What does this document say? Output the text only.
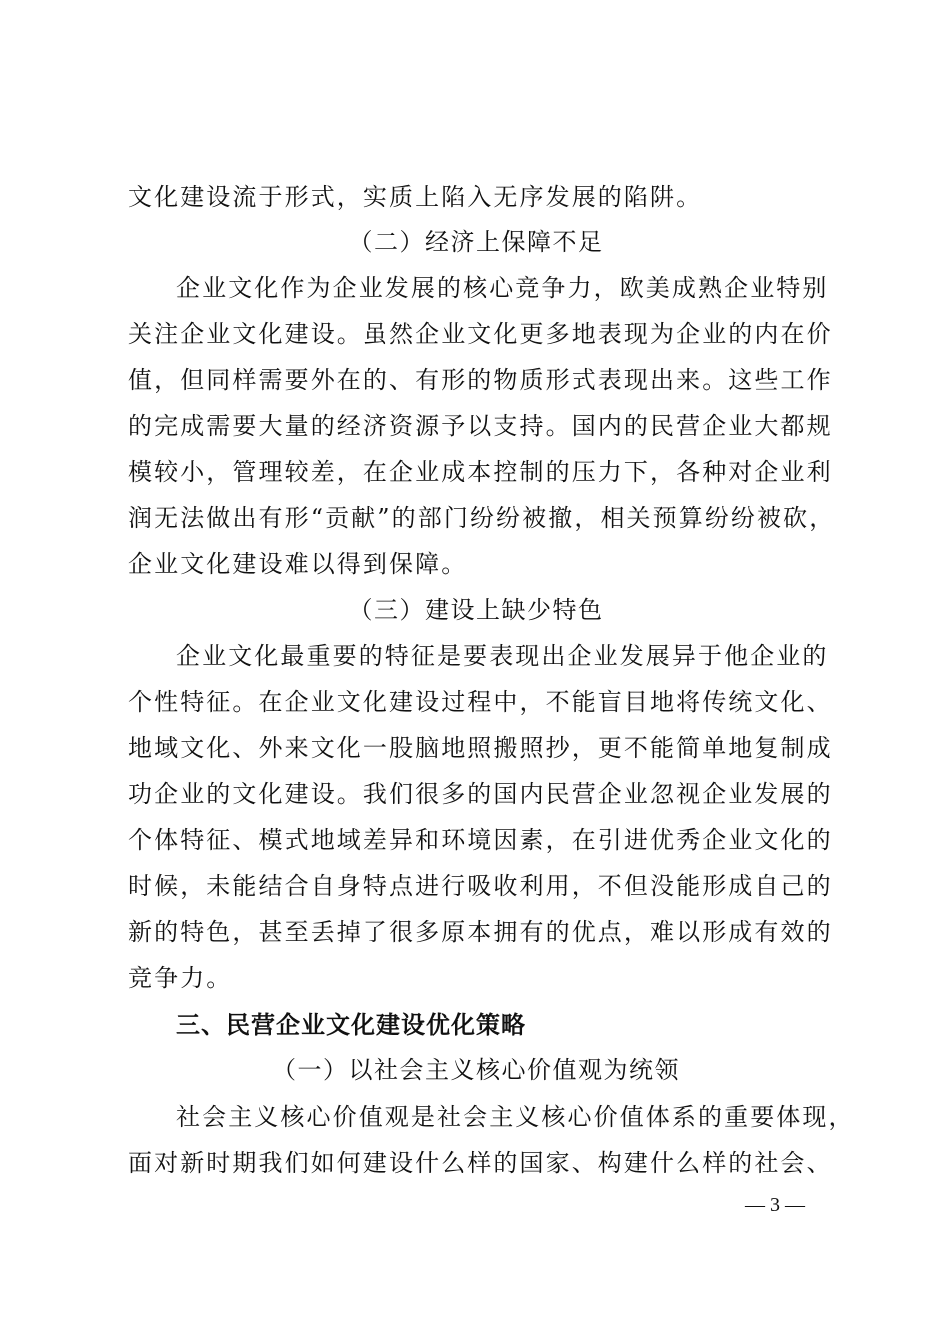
文化建设流于形式，实质上陷入无序发展的陷阱。
（二）经济上保障不足
企业文化作为企业发展的核心竞争力，欧美成熟企业特别
关注企业文化建设。虽然企业文化更多地表现为企业的内在价
值，但同样需要外在的、有形的物质形式表现出来。这些工作
的完成需要大量的经济资源予以支持。国内的民营企业大都规
模较小，管理较差，在企业成本控制的压力下，各种对企业利
润无法做出有形“贡献”的部门纷纷被撤，相关预算纷纷被砍，
企业文化建设难以得到保障。
（三）建设上缺少特色
企业文化最重要的特征是要表现出企业发展异于他企业的
个性特征。在企业文化建设过程中，不能盲目地将传统文化、
地域文化、外来文化一股脑地照搬照抄，更不能简单地复制成
功企业的文化建设。我们很多的国内民营企业忽视企业发展的
个体特征、模式地域差异和环境因素，在引进优秀企业文化的
时候，未能结合自身特点进行吸收利用，不但没能形成自己的
新的特色，甚至丢掉了很多原本拥有的优点，难以形成有效的
竞争力。
三、民营企业文化建设优化策略
（一）以社会主义核心价值观为统领
社会主义核心价值观是社会主义核心价值体系的重要体现，
面对新时期我们如何建设什么样的国家、构建什么样的社会、
— 3 —
